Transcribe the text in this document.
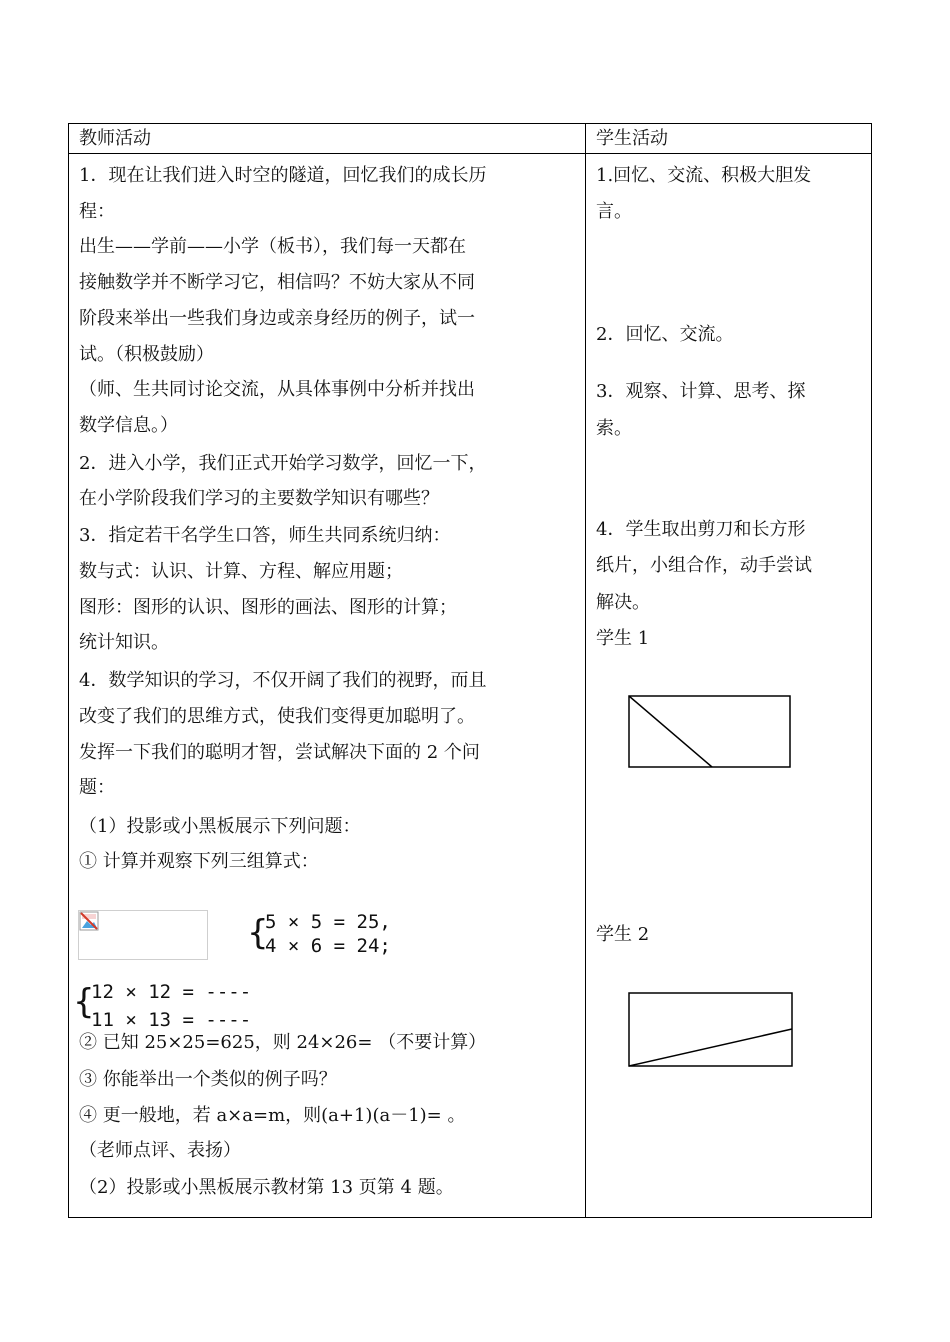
教师活动	学生活动
1．现在让我们进入时空的隧道，回忆我们的成长历
程：
出生——学前——小学（板书），我们每一天都在
接触数学并不断学习它，相信吗？不妨大家从不同
阶段来举出一些我们身边或亲身经历的例子，试一
试。（积极鼓励）
（师、生共同讨论交流，从具体事例中分析并找出
数学信息。）
2．进入小学，我们正式开始学习数学，回忆一下，
在小学阶段我们学习的主要数学知识有哪些？
3．指定若干名学生口答，师生共同系统归纳：
数与式：认识、计算、方程、解应用题；
图形：图形的认识、图形的画法、图形的计算；
统计知识。
4．数学知识的学习，不仅开阔了我们的视野，而且
改变了我们的思维方式，使我们变得更加聪明了。
发挥一下我们的聪明才智，尝试解决下面的 2 个问
题：
（1）投影或小黑板展示下列问题：
① 计算并观察下列三组算式：
{
5 × 5 = 25,
4 × 6 = 24;
{
12 × 12 = ----
11 × 13 = ----
② 已知 25×25=625，则 24×26= （不要计算）
③ 你能举出一个类似的例子吗？
④ 更一般地，若 a×a=m，则(a+1)(a－1)= 。
（老师点评、表扬）
（2）投影或小黑板展示教材第 13 页第 4 题。
1.回忆、交流、积极大胆发
言。
2．回忆、交流。
3．观察、计算、思考、探
索。
4．学生取出剪刀和长方形
纸片，小组合作，动手尝试
解决。
学生 1
学生 2
